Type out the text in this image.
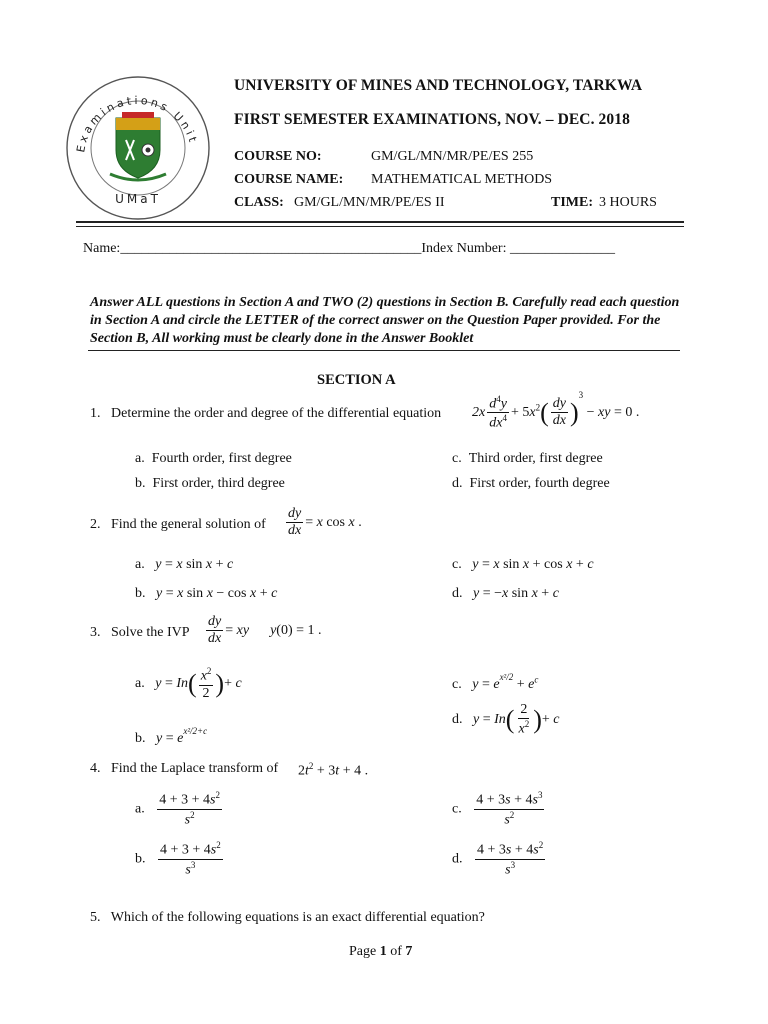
Examinations Unit
UMaT
UNIVERSITY OF MINES AND TECHNOLOGY, TARKWA
FIRST SEMESTER EXAMINATIONS, NOV. – DEC. 2018
COURSE NO:	GM/GL/MN/MR/PE/ES 255
COURSE NAME: MATHEMATICAL METHODS
CLASS: GM/GL/MN/MR/PE/ES II	TIME: 3 HOURS
Name:___________________________________________Index Number: _______________
Answer ALL questions in Section A and TWO (2) questions in Section B. Carefully read each question in Section A and circle the LETTER of the correct answer on the Question Paper provided. For the Section B, All working must be clearly done in the Answer Booklet
SECTION A
1. Determine the order and degree of the differential equation $2x \frac{d^4y}{dx^4} + 5x^2( \frac{dy}{dx} )^3$ − xy = 0 .
a. Fourth order, first degree
b. First order, third degree
c. Third order, first degree
d. First order, fourth degree
2. Find the general solution of $\frac{dy}{dx} = x$ cos x .
a. y = x sin x + c
b. y = x sin x − cos x + c
c. y = x sin x + cos x + c
d. y = −x sin x + c
3. Solve the IVP $\frac{dy}{dx}$ = xy y(0) = 1 .
a. $y = In( \frac{x^2}{2}$ )+ c
b. $y = e^{x^2/2+c}$
c. $y = e^{x^2/2} + e^c$
d. $y = In( \frac{2}{x^2}$ )+ c
4. Find the Laplace transform of $2t^2 + 3t + 4$ .
a. $\frac{4 + 3 + 4s^2}{s^2}$
b. $\frac{4 + 3 + 4s^2}{s^3}$
c. $\frac{4 + 3s + 4s^3}{s^2}$
d. $\frac{4 + 3s + 4s^2}{s^3}$
5. Which of the following equations is an exact differential equation?
Page 1 of 7
